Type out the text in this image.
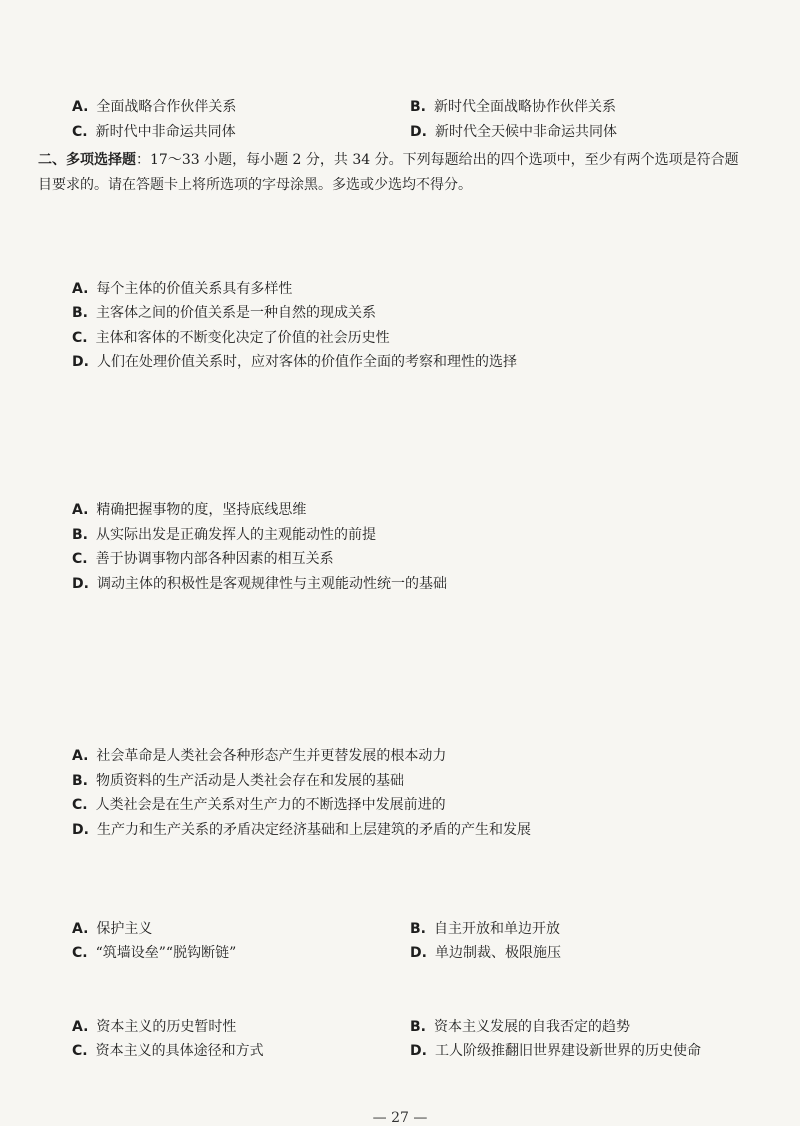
A. 全面战略合作伙伴关系	B. 新时代全面战略协作伙伴关系
C. 新时代中非命运共同体	D. 新时代全天候中非命运共同体
二、多项选择题：17～33 小题，每小题 2 分，共 34 分。下列每题给出的四个选项中，至少有两个选项是符合题
目要求的。请在答题卡上将所选项的字母涂黑。多选或少选均不得分。
A. 每个主体的价值关系具有多样性
B. 主客体之间的价值关系是一种自然的现成关系
C. 主体和客体的不断变化决定了价值的社会历史性
D. 人们在处理价值关系时，应对客体的价值作全面的考察和理性的选择
A. 精确把握事物的度，坚持底线思维
B. 从实际出发是正确发挥人的主观能动性的前提
C. 善于协调事物内部各种因素的相互关系
D. 调动主体的积极性是客观规律性与主观能动性统一的基础
A. 社会革命是人类社会各种形态产生并更替发展的根本动力
B. 物质资料的生产活动是人类社会存在和发展的基础
C. 人类社会是在生产关系对生产力的不断选择中发展前进的
D. 生产力和生产关系的矛盾决定经济基础和上层建筑的矛盾的产生和发展
A. 保护主义	B. 自主开放和单边开放
C. “筑墙设垒”“脱钩断链”	D. 单边制裁、极限施压
A. 资本主义的历史暂时性	B. 资本主义发展的自我否定的趋势
C. 资本主义的具体途径和方式	D. 工人阶级推翻旧世界建设新世界的历史使命
— 27 —
